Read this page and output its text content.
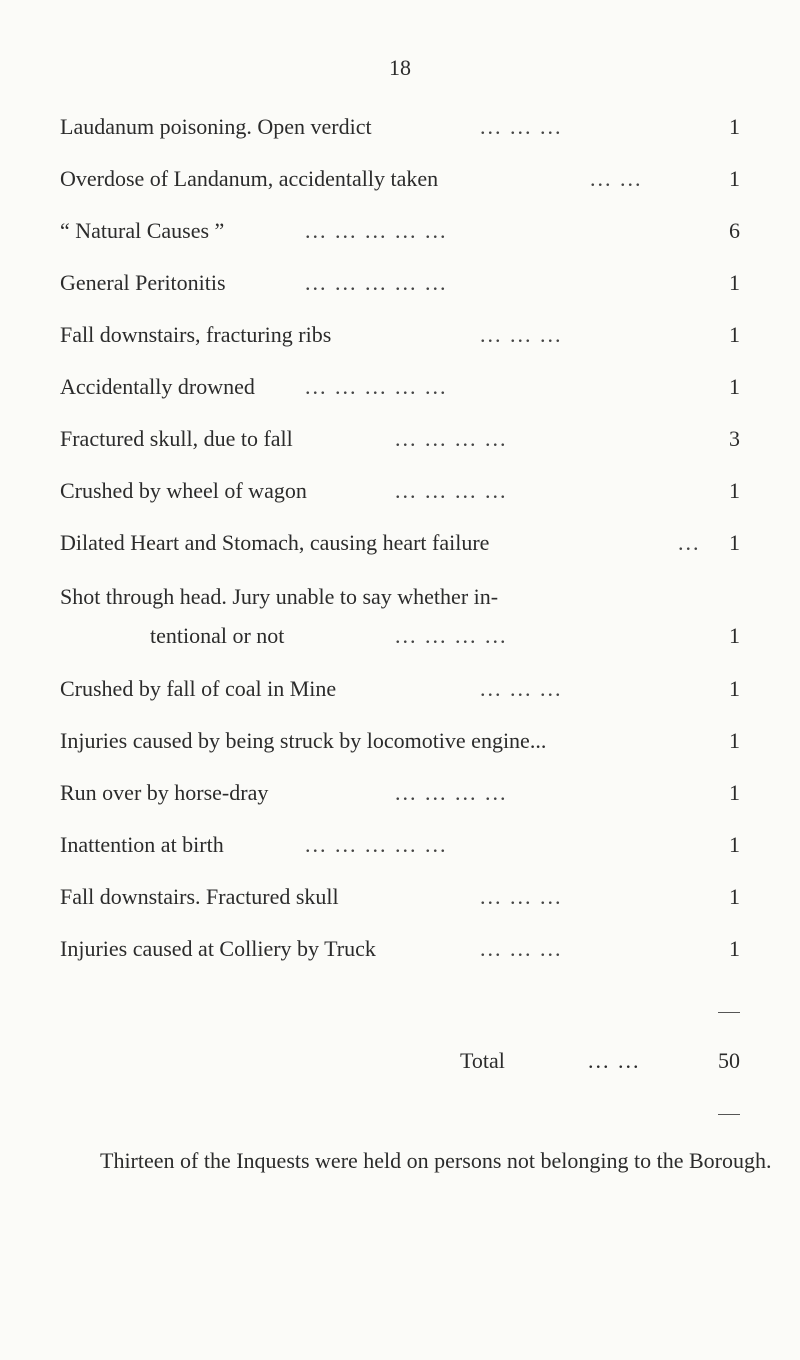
18
Laudanum poisoning. Open verdict	... ... ...	1
Overdose of Landanum, accidentally taken	... ...	1
“ Natural Causes ”	... ... ... ... ...	6
General Peritonitis	... ... ... ... ...	1
Fall downstairs, fracturing ribs	... ... ...	1
Accidentally drowned ... ... ... ... ...	1
Fractured skull, due to fall	... ... ... ...	3
Crushed by wheel of wagon	... ... ... ...	1
Dilated Heart and Stomach, causing heart failure	...	1
Shot through head. Jury unable to say whether in-
tentional or not	... ... ... ...	1
Crushed by fall of coal in Mine	... ... ...	1
Injuries caused by being struck by locomotive engine...	1
Run over by horse-dray	... ... ... ...	1
Inattention at birth	... ... ... ... ...	1
Fall downstairs. Fractured skull	... ... ...	1
Injuries caused at Colliery by Truck	... ... ...	1
Total	... ...	50
Thirteen of the Inquests were held on persons not belonging to the Borough.
